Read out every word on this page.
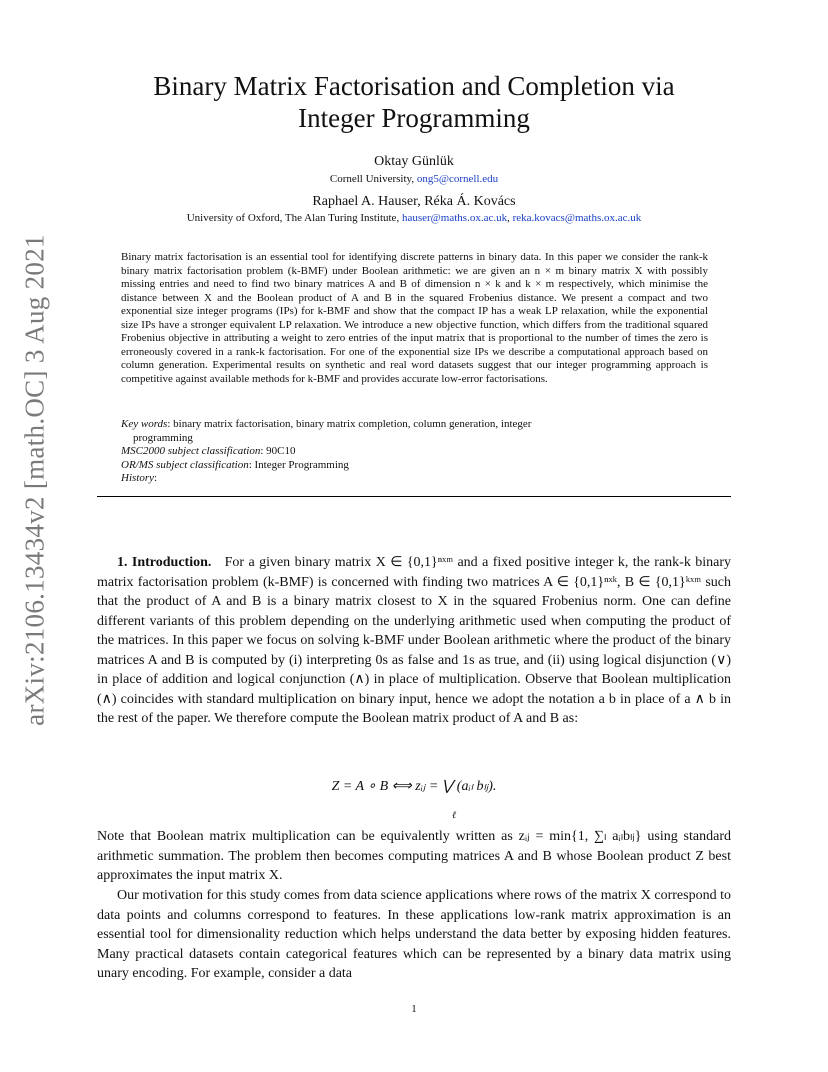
arXiv:2106.13434v2 [math.OC] 3 Aug 2021
Binary Matrix Factorisation and Completion via
Integer Programming
Oktay Günlük
Cornell University, ong5@cornell.edu
Raphael A. Hauser, Réka Á. Kovács
University of Oxford, The Alan Turing Institute, hauser@maths.ox.ac.uk, reka.kovacs@maths.ox.ac.uk
Binary matrix factorisation is an essential tool for identifying discrete patterns in binary data. In this paper we consider the rank-k binary matrix factorisation problem (k-BMF) under Boolean arithmetic: we are given an n × m binary matrix X with possibly missing entries and need to find two binary matrices A and B of dimension n × k and k × m respectively, which minimise the distance between X and the Boolean product of A and B in the squared Frobenius distance. We present a compact and two exponential size integer programs (IPs) for k-BMF and show that the compact IP has a weak LP relaxation, while the exponential size IPs have a stronger equivalent LP relaxation. We introduce a new objective function, which differs from the traditional squared Frobenius objective in attributing a weight to zero entries of the input matrix that is proportional to the number of times the zero is erroneously covered in a rank-k factorisation. For one of the exponential size IPs we describe a computational approach based on column generation. Experimental results on synthetic and real word datasets suggest that our integer programming approach is competitive against available methods for k-BMF and provides accurate low-error factorisations.
Key words: binary matrix factorisation, binary matrix completion, column generation, integer
programming
MSC2000 subject classification: 90C10
OR/MS subject classification: Integer Programming
History:
1. Introduction. For a given binary matrix X ∈ {0,1}ⁿˣᵐ and a fixed positive integer k, the rank-k binary matrix factorisation problem (k-BMF) is concerned with finding two matrices A ∈ {0,1}ⁿˣᵏ, B ∈ {0,1}ᵏˣᵐ such that the product of A and B is a binary matrix closest to X in the squared Frobenius norm. One can define different variants of this problem depending on the underlying arithmetic used when computing the product of the matrices. In this paper we focus on solving k-BMF under Boolean arithmetic where the product of the binary matrices A and B is computed by (i) interpreting 0s as false and 1s as true, and (ii) using logical disjunction (∨) in place of addition and logical conjunction (∧) in place of multiplication. Observe that Boolean multiplication (∧) coincides with standard multiplication on binary input, hence we adopt the notation a b in place of a ∧ b in the rest of the paper. We therefore compute the Boolean matrix product of A and B as:
Z = A ∘ B ⟺ zᵢⱼ = ⋁ (aᵢₗ bₗⱼ).
ℓ
Note that Boolean matrix multiplication can be equivalently written as zᵢⱼ = min{1, ∑ₗ aᵢₗbₗⱼ} using standard arithmetic summation. The problem then becomes computing matrices A and B whose Boolean product Z best approximates the input matrix X.
Our motivation for this study comes from data science applications where rows of the matrix X correspond to data points and columns correspond to features. In these applications low-rank matrix approximation is an essential tool for dimensionality reduction which helps understand the data better by exposing hidden features. Many practical datasets contain categorical features which can be represented by a binary data matrix using unary encoding. For example, consider a data
1
